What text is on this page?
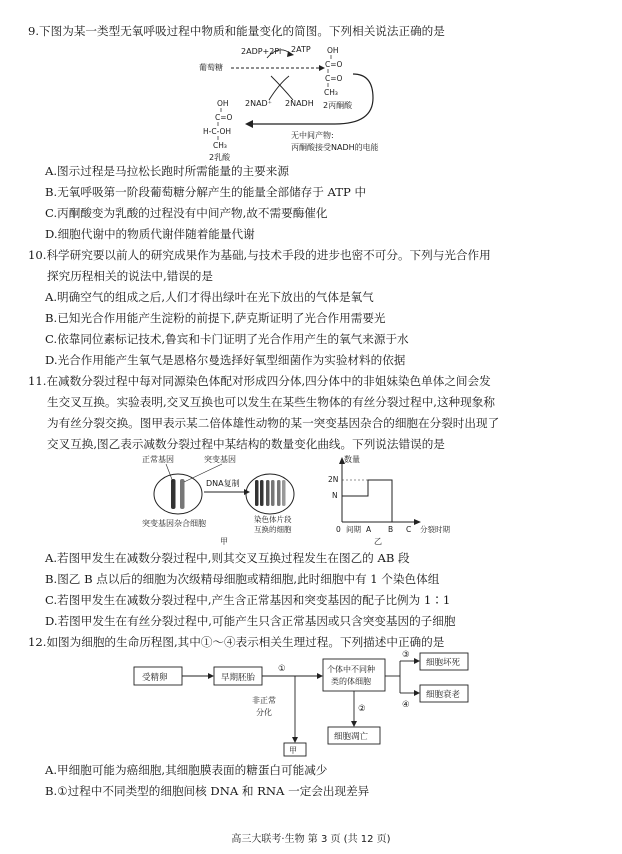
9.下图为某一类型无氧呼吸过程中物质和能量变化的简图。下列相关说法正确的是
2ADP+2Pi 2ATP
葡萄糖
2NAD⁺ 2NADH
OH
C=O
C=O
CH₃
2丙酮酸
无中间产物:
丙酮酸接受NADH的电能
OH
C=O
H-C-OH
CH₃
2乳酸
A.图示过程是马拉松长跑时所需能量的主要来源
B.无氧呼吸第一阶段葡萄糖分解产生的能量全部储存于 ATP 中
C.丙酮酸变为乳酸的过程没有中间产物,故不需要酶催化
D.细胞代谢中的物质代谢伴随着能量代谢
10.科学研究要以前人的研究成果作为基础,与技术手段的进步也密不可分。下列与光合作用
探究历程相关的说法中,错误的是
A.明确空气的组成之后,人们才得出绿叶在光下放出的气体是氧气
B.已知光合作用能产生淀粉的前提下,萨克斯证明了光合作用需要光
C.依靠同位素标记技术,鲁宾和卡门证明了光合作用产生的氧气来源于水
D.光合作用能产生氧气是恩格尔曼选择好氧型细菌作为实验材料的依据
11.在减数分裂过程中每对同源染色体配对形成四分体,四分体中的非姐妹染色单体之间会发
生交叉互换。实验表明,交叉互换也可以发生在某些生物体的有丝分裂过程中,这种现象称
为有丝分裂交换。图甲表示某二倍体雄性动物的某一突变基因杂合的细胞在分裂时出现了
交叉互换,图乙表示减数分裂过程中某结构的数量变化曲线。下列说法错误的是
正常基因	突变基因
DNA复制
突变基因杂合细胞	染色体片段
互换的细胞
甲
数量
2N
N
0 间期 A B C 分裂时期
乙
A.若图甲发生在减数分裂过程中,则其交叉互换过程发生在图乙的 AB 段
B.图乙 B 点以后的细胞为次级精母细胞或精细胞,此时细胞中有 1 个染色体组
C.若图甲发生在减数分裂过程中,产生含正常基因和突变基因的配子比例为 1∶1
D.若图甲发生在有丝分裂过程中,可能产生只含正常基因或只含突变基因的子细胞
12.如图为细胞的生命历程图,其中①～④表示相关生理过程。下列描述中正确的是
受精卵	早期胚胎
①	个体中不同种
类的体细胞
③
④
细胞坏死
细胞衰老
②
细胞凋亡
非正常
分化
甲
A.甲细胞可能为癌细胞,其细胞膜表面的糖蛋白可能减少
B.①过程中不同类型的细胞间核 DNA 和 RNA 一定会出现差异
高三大联考·生物 第 3 页 (共 12 页)
